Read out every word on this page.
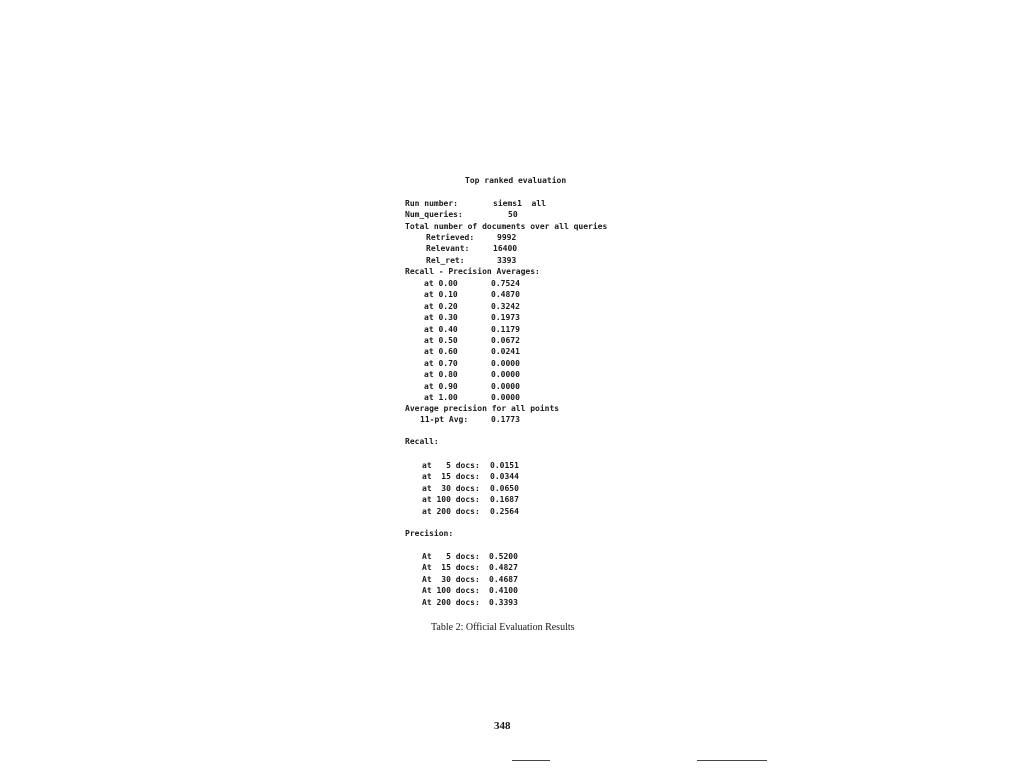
Top ranked evaluation
Run number:	siems1  all
Num_queries:	50
Total number of documents over all queries
Retrieved:	9992
Relevant:	16400
Rel_ret:	3393
Recall - Precision Averages:
at 0.00	0.7524
at 0.10	0.4870
at 0.20	0.3242
at 0.30	0.1973
at 0.40	0.1179
at 0.50	0.0672
at 0.60	0.0241
at 0.70	0.0000
at 0.80	0.0000
at 0.90	0.0000
at 1.00	0.0000
Average precision for all points
11-pt Avg:	0.1773
Recall:
at   5 docs: 0.0151
at  15 docs: 0.0344
at  30 docs: 0.0650
at 100 docs: 0.1687
at 200 docs: 0.2564
Precision:
At   5 docs: 0.5200
At  15 docs: 0.4827
At  30 docs: 0.4687
At 100 docs: 0.4100
At 200 docs: 0.3393
Table 2: Official Evaluation Results
348
